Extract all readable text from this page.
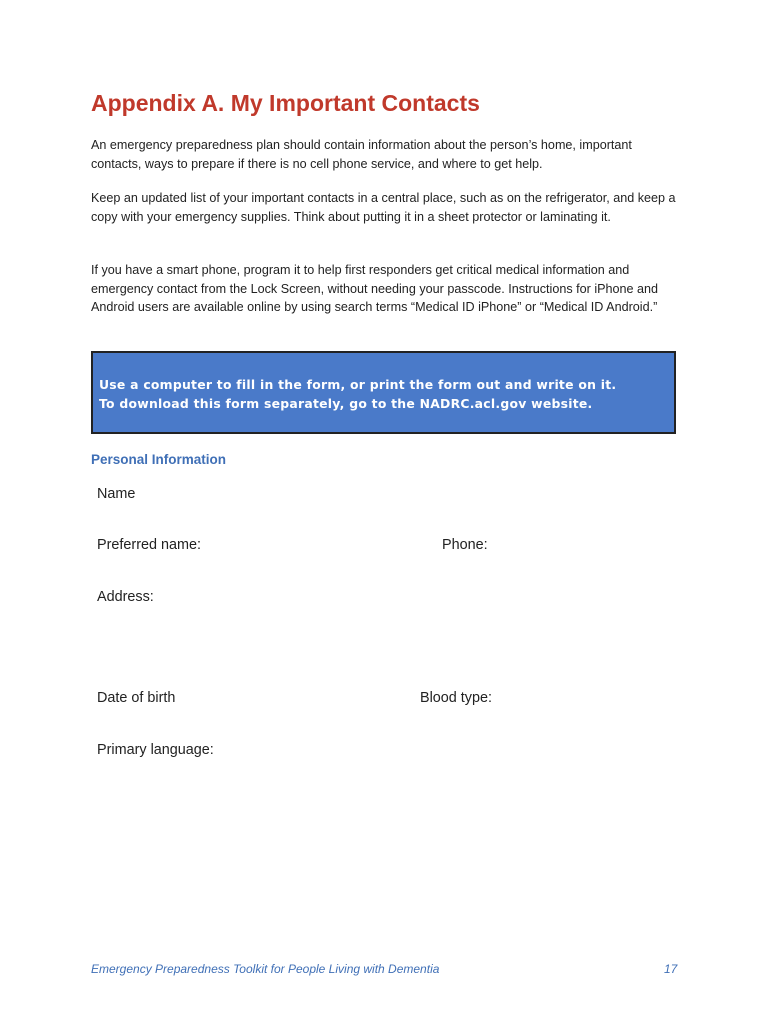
Appendix A. My Important Contacts

An emergency preparedness plan should contain information about the person’s home, important contacts, ways to prepare if there is no cell phone service, and where to get help.

Keep an updated list of your important contacts in a central place, such as on the refrigerator, and keep a copy with your emergency supplies. Think about putting it in a sheet protector or laminating it.

If you have a smart phone, program it to help first responders get critical medical information and emergency contact from the Lock Screen, without needing your passcode. Instructions for iPhone and Android users are available online by using search terms “Medical ID iPhone” or “Medical ID Android.”

Use a computer to fill in the form, or print the form out and write on it.
To download this form separately, go to the NADRC.acl.gov website.

Personal Information
Name
Preferred name:	Phone:
Address:
Date of birth	Blood type:
Primary language:
Emergency Preparedness Toolkit for People Living with Dementia	17
